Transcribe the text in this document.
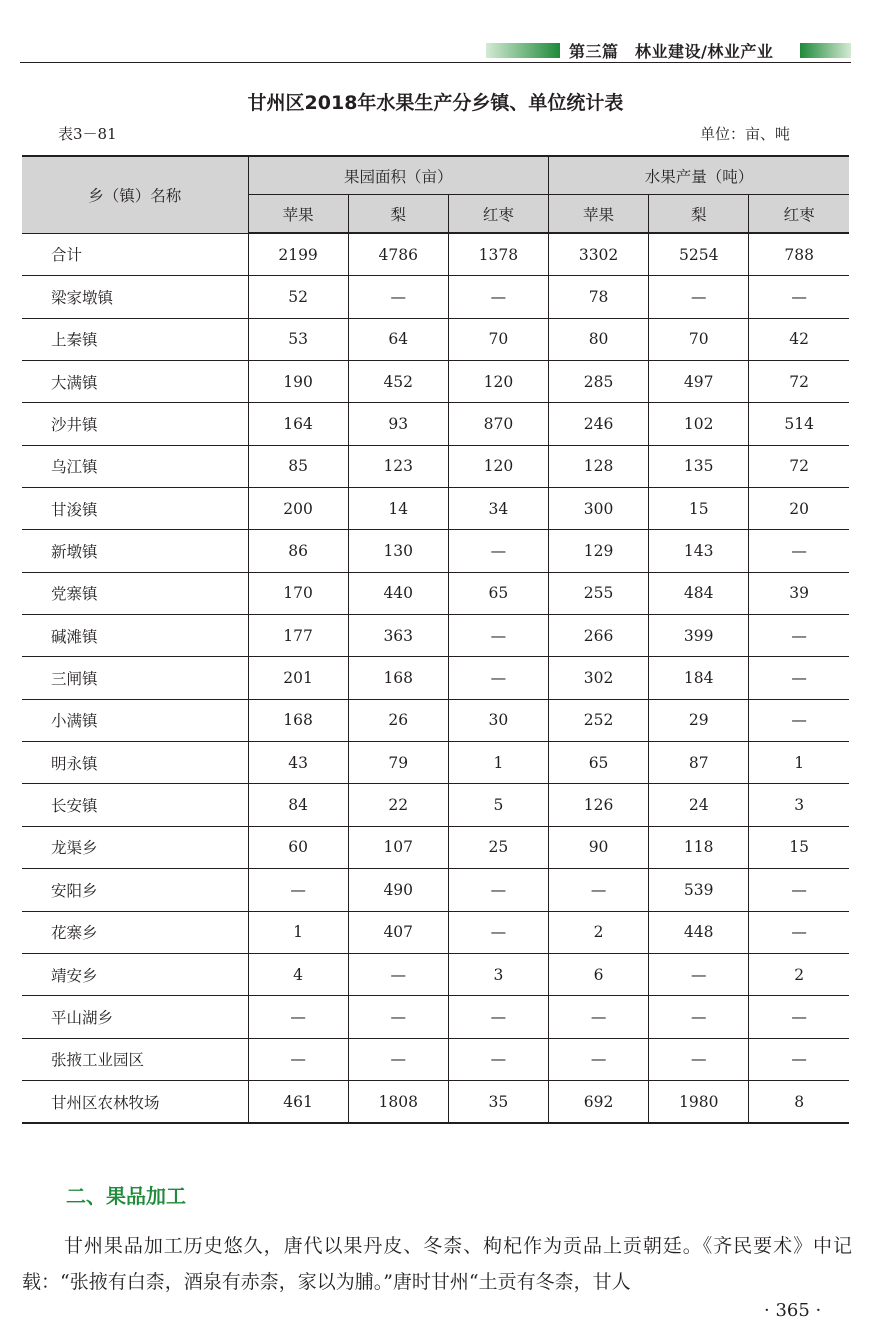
第三篇　林业建设/林业产业
甘州区2018年水果生产分乡镇、单位统计表
表3－81	单位：亩、吨
乡（镇）名称	果园面积（亩）			水果产量（吨）		
	苹果	梨	红枣	苹果	梨	红枣
合计	2199	4786	1378	3302	5254	788
梁家墩镇	52	—	—	78	—	—
上秦镇	53	64	70	80	70	42
大满镇	190	452	120	285	497	72
沙井镇	164	93	870	246	102	514
乌江镇	85	123	120	128	135	72
甘浚镇	200	14	34	300	15	20
新墩镇	86	130	—	129	143	—
党寨镇	170	440	65	255	484	39
碱滩镇	177	363	—	266	399	—
三闸镇	201	168	—	302	184	—
小满镇	168	26	30	252	29	—
明永镇	43	79	1	65	87	1
长安镇	84	22	5	126	24	3
龙渠乡	60	107	25	90	118	15
安阳乡	—	490	—	—	539	—
花寨乡	1	407	—	2	448	—
靖安乡	4	—	3	6	—	2
平山湖乡	—	—	—	—	—	—
张掖工业园区	—	—	—	—	—	—
甘州区农林牧场	461	1808	35	692	1980	8
二、果品加工
甘州果品加工历史悠久，唐代以果丹皮、冬柰、枸杞作为贡品上贡朝廷。《齐民要术》中记载：“张掖有白柰，酒泉有赤柰，家以为脯。”唐时甘州“土贡有冬柰，甘人
· 365 ·
